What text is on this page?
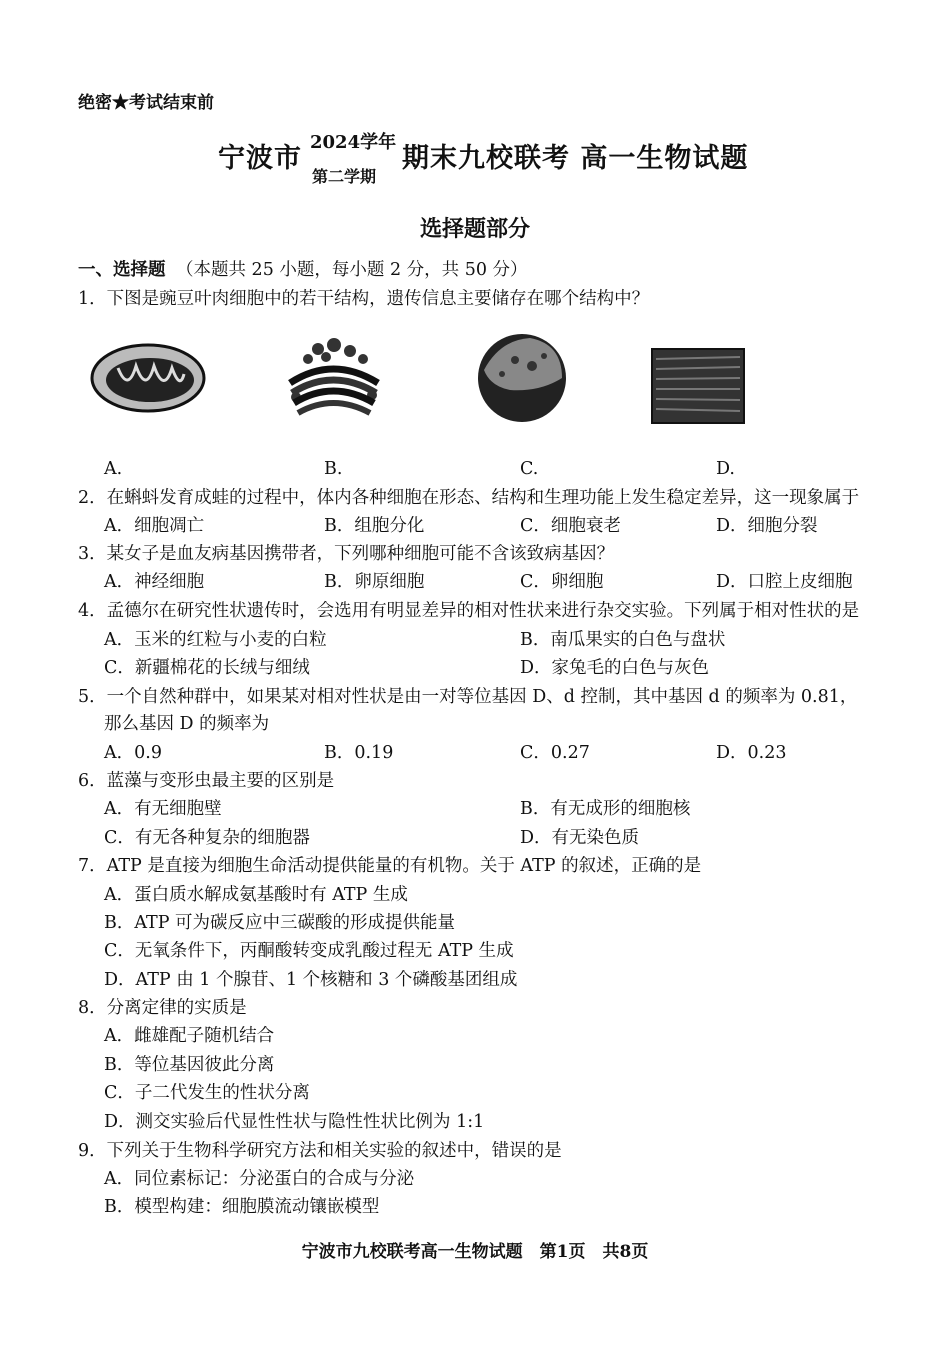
绝密★考试结束前
宁波市
2024学年
第二学期
期末九校联考 高一生物试题
选择题部分
一、选择题 （本题共 25 小题，每小题 2 分，共 50 分）
1．下图是豌豆叶肉细胞中的若干结构，遗传信息主要储存在哪个结构中？
A.	B.	C.	D.
2．在蝌蚪发育成蛙的过程中，体内各种细胞在形态、结构和生理功能上发生稳定差异，这一现象属于
A．细胞凋亡	B．组胞分化	C．细胞衰老	D．细胞分裂
3．某女子是血友病基因携带者，下列哪种细胞可能不含该致病基因？
A．神经细胞	B．卵原细胞	C．卵细胞	D．口腔上皮细胞
4．孟德尔在研究性状遗传时，会选用有明显差异的相对性状来进行杂交实验。下列属于相对性状的是
A．玉米的红粒与小麦的白粒	B．南瓜果实的白色与盘状
C．新疆棉花的长绒与细绒	D．家兔毛的白色与灰色
5．一个自然种群中，如果某对相对性状是由一对等位基因 D、d 控制，其中基因 d 的频率为 0.81，
那么基因 D 的频率为
A．0.9	B．0.19	C．0.27	D．0.23
6．蓝藻与变形虫最主要的区别是
A．有无细胞壁	B．有无成形的细胞核
C．有无各种复杂的细胞器	D．有无染色质
7．ATP 是直接为细胞生命活动提供能量的有机物。关于 ATP 的叙述，正确的是
A．蛋白质水解成氨基酸时有 ATP 生成
B．ATP 可为碳反应中三碳酸的形成提供能量
C．无氧条件下，丙酮酸转变成乳酸过程无 ATP 生成
D．ATP 由 1 个腺苷、1 个核糖和 3 个磷酸基团组成
8．分离定律的实质是
A．雌雄配子随机结合
B．等位基因彼此分离
C．子二代发生的性状分离
D．测交实验后代显性性状与隐性性状比例为 1:1
9．下列关于生物科学研究方法和相关实验的叙述中，错误的是
A．同位素标记：分泌蛋白的合成与分泌
B．模型构建：细胞膜流动镶嵌模型
宁波市九校联考高一生物试题　第1页　共8页
